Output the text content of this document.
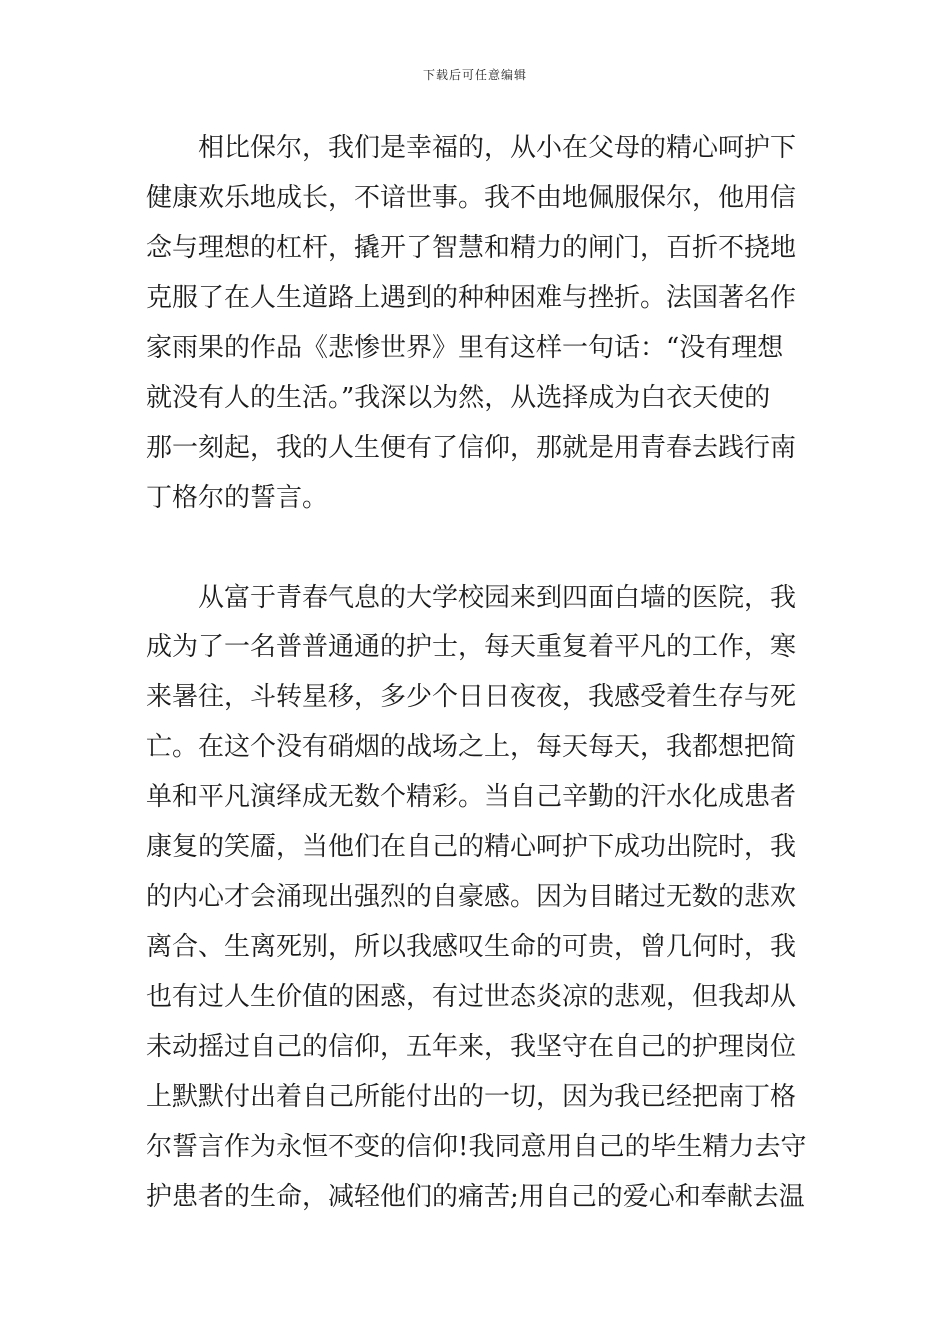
下载后可任意编辑

相比保尔，我们是幸福的，从小在父母的精心呵护下

健康欢乐地成长，不谙世事。我不由地佩服保尔，他用信

念与理想的杠杆，撬开了智慧和精力的闸门，百折不挠地

克服了在人生道路上遇到的种种困难与挫折。法国著名作

家雨果的作品《悲惨世界》里有这样一句话：“没有理想

就没有人的生活。”我深以为然，从选择成为白衣天使的

那一刻起，我的人生便有了信仰，那就是用青春去践行南

丁格尔的誓言。

从富于青春气息的大学校园来到四面白墙的医院，我

成为了一名普普通通的护士，每天重复着平凡的工作，寒

来暑往，斗转星移，多少个日日夜夜，我感受着生存与死

亡。在这个没有硝烟的战场之上，每天每天，我都想把简

单和平凡演绎成无数个精彩。当自己辛勤的汗水化成患者

康复的笑靥，当他们在自己的精心呵护下成功出院时，我

的内心才会涌现出强烈的自豪感。因为目睹过无数的悲欢

离合、生离死别，所以我感叹生命的可贵，曾几何时，我

也有过人生价值的困惑，有过世态炎凉的悲观，但我却从

未动摇过自己的信仰，五年来，我坚守在自己的护理岗位

上默默付出着自己所能付出的一切，因为我已经把南丁格

尔誓言作为永恒不变的信仰!我同意用自己的毕生精力去守

护患者的生命，减轻他们的痛苦;用自己的爱心和奉献去温
